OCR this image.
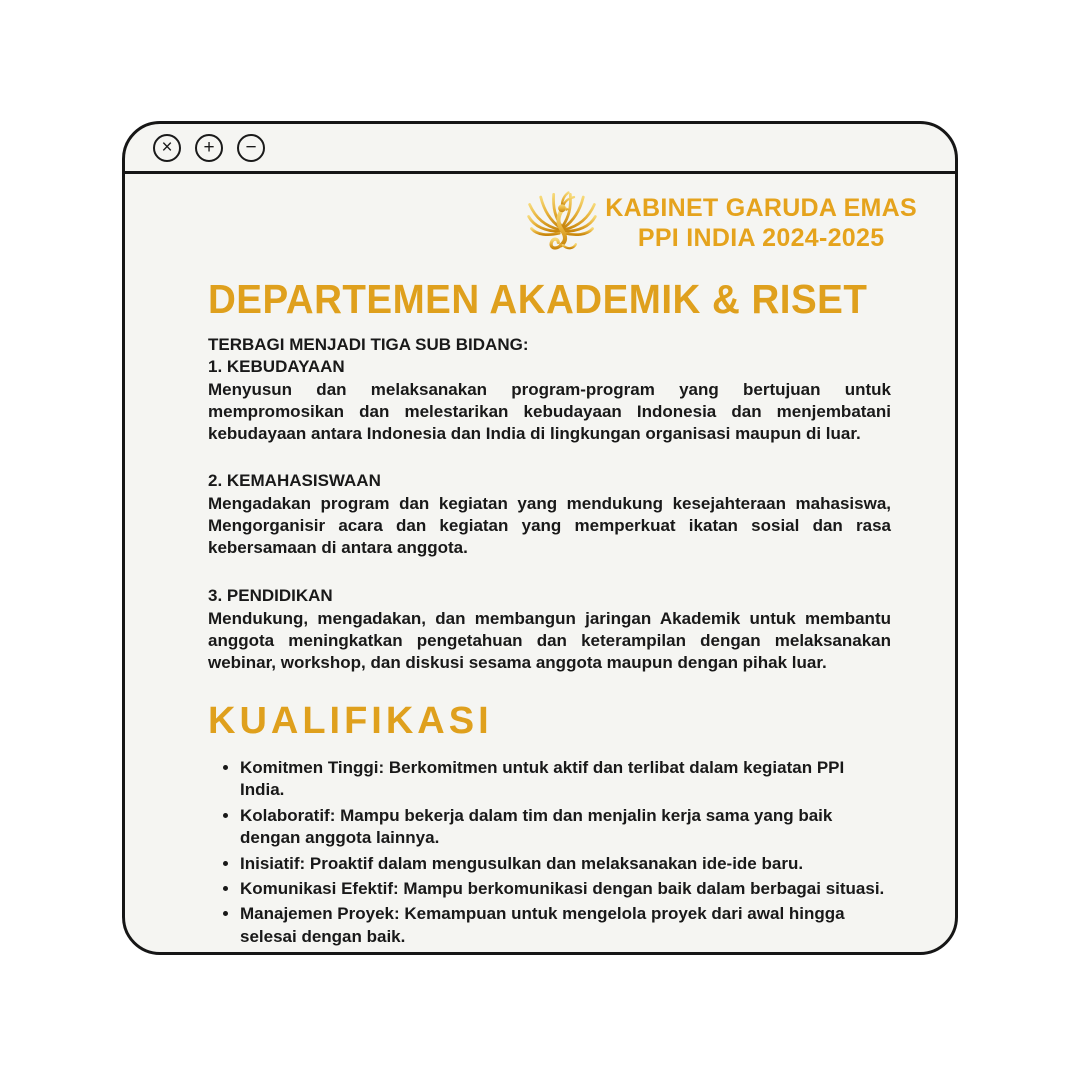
×	+	−
KABINET GARUDA EMAS
PPI INDIA 2024-2025
DEPARTEMEN AKADEMIK & RISET

TERBAGI MENJADI TIGA SUB BIDANG:

1. KEBUDAYAAN

Menyusun dan melaksanakan program-program yang bertujuan untuk mempromosikan dan melestarikan kebudayaan Indonesia dan menjembatani kebudayaan antara Indonesia dan India di lingkungan organisasi maupun di luar.

2. KEMAHASISWAAN

Mengadakan program dan kegiatan yang mendukung kesejahteraan mahasiswa, Mengorganisir acara dan kegiatan yang memperkuat ikatan sosial dan rasa kebersamaan di antara anggota.

3. PENDIDIKAN

Mendukung, mengadakan, dan membangun jaringan Akademik untuk membantu anggota meningkatkan pengetahuan dan keterampilan dengan melaksanakan webinar, workshop, dan diskusi sesama anggota maupun dengan pihak luar.

KUALIFIKASI
• Komitmen Tinggi: Berkomitmen untuk aktif dan terlibat dalam kegiatan PPI India.
• Kolaboratif: Mampu bekerja dalam tim dan menjalin kerja sama yang baik dengan anggota lainnya.
• Inisiatif: Proaktif dalam mengusulkan dan melaksanakan ide-ide baru.
• Komunikasi Efektif: Mampu berkomunikasi dengan baik dalam berbagai situasi.
• Manajemen Proyek: Kemampuan untuk mengelola proyek dari awal hingga selesai dengan baik.
